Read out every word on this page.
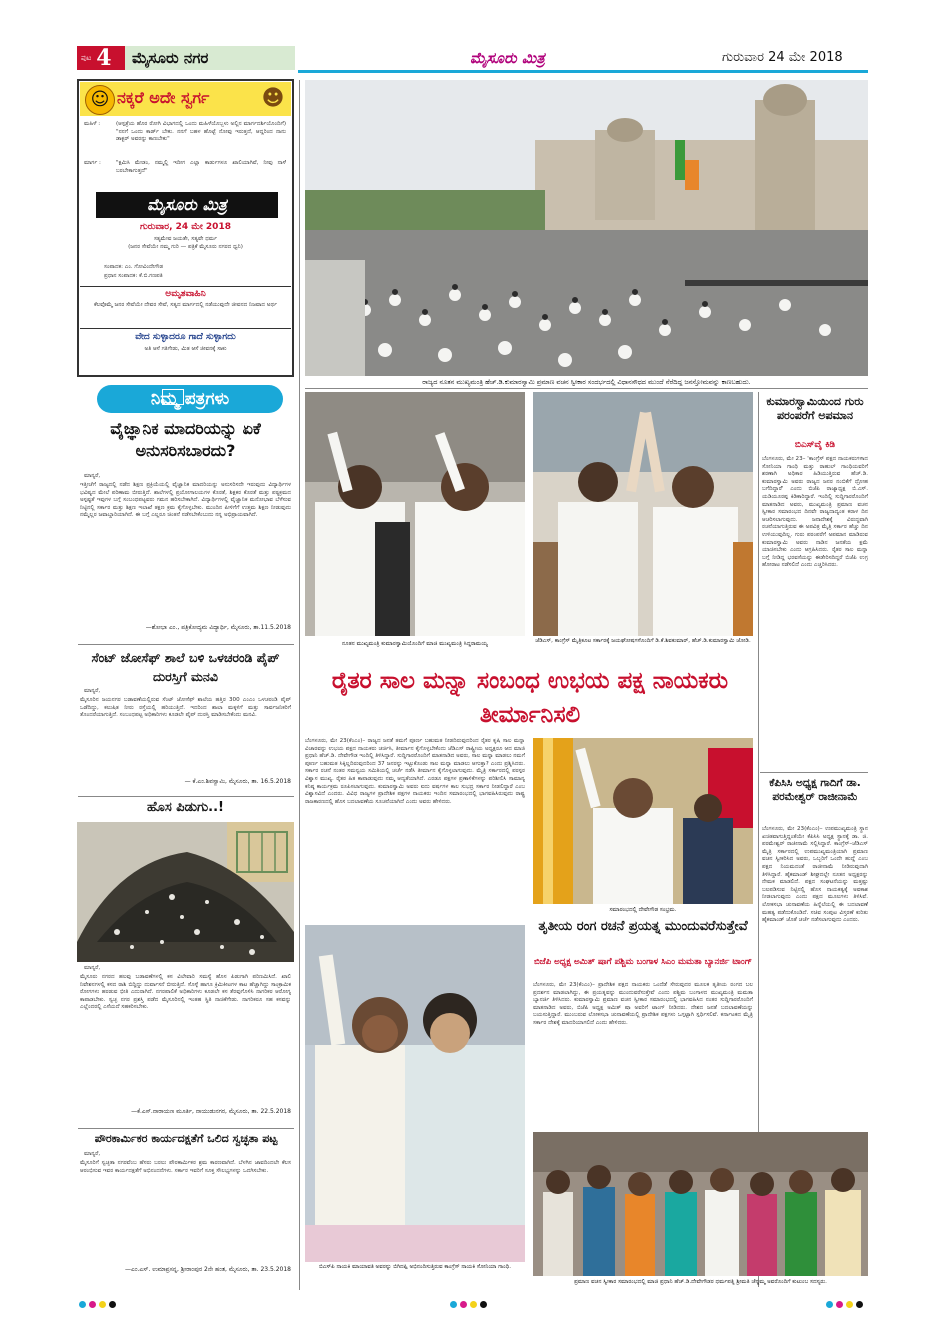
ಪುಟ 4 ಮೈಸೂರು ನಗರ	ಮೈಸೂರು ಮಿತ್ರ	ಗುರುವಾರ 24 ಮೇ 2018
☺ ನಕ್ಕರೆ ಅದೇ ಸ್ವರ್ಗ ☻
ಮಹಿಳೆ :	(ಆಸ್ಪತ್ರೆಯ ಹೊರ ರೋಗಿ ವಿಭಾಗದಲ್ಲಿ ಒಂದು ಮಹಿಳೆಯೊಬ್ಬಳು ಅಲ್ಲಿನ ಮಾರ್ಗದರ್ಶಿಯೊಂದಿಗೆ) "ನನಗೆ ಒಂದು ಕಾರ್ಡ್ ಬೇಕು. ನನಗೆ ಬಹಳ ಹೊಟ್ಟೆ ನೋವು ಇರುತ್ತದೆ, ಆದ್ದರಿಂದ ನಾನು ಡಾಕ್ಟರ್ ಅವರನ್ನು ಕಾಣಬೇಕು"
ಮಾರ್ಗ :	"ಕ್ಷಮಿಸಿ ಮೇಡಂ, ನಮ್ಮಲ್ಲಿ ಇದೀಗ ಎಲ್ಲಾ ಕಾರ್ಡುಗಳೂ ಖಾಲಿಯಾಗಿವೆ, ನೀವು ನಾಳೆ ಬರಬೇಕಾಗುತ್ತದೆ"
ಮೈಸೂರು ಮಿತ್ರ
ಗುರುವಾರ, 24 ಮೇ 2018
ಸತ್ಯಮೇವ ಜಯತೇ, ಸತ್ಯವೇ ಧರ್ಮ
(ಜನರ ಸೇವೆಯೇ ನಮ್ಮ ಗುರಿ — ಪತ್ರಿಕೆ ಮೈಸೂರು ನಗರದ ಧ್ವನಿ)
ಸಂಪಾದಕ: ಎಂ. ಗೋವಿಂದೇಗೌಡ
ಪ್ರಧಾನ ಸಂಪಾದಕ: ಕೆ.ಬಿ.ಗಣಪತಿ
ಅಮೃತವಾಹಿನಿ
ಕೆಲವೊಮ್ಮೆ ಜನರ ಸೇವೆಯೇ ದೇವರ ಸೇವೆ, ಸತ್ಯದ ಮಾರ್ಗದಲ್ಲಿ ನಡೆಯುವುದೇ ಜೀವನದ ನಿಜವಾದ ಅರ್ಥ
ವೇದ ಸುಳ್ಳಾದರೂ ಗಾದೆ ಸುಳ್ಳಾಗದು
ಅತಿ ಆಸೆ ಗತಿಗೇಡು, ಮಿತ ಆಸೆ ಜೀವನಕ್ಕೆ ಸಾಕು
ನಿಮ್ಮ ಪತ್ರಗಳು
ವೈಜ್ಞಾನಿಕ ಮಾದರಿಯನ್ನು ಏಕೆ ಅನುಸರಿಸಬಾರದು?
ಮಾನ್ಯರೆ,
ಇತ್ತೀಚೆಗೆ ರಾಜ್ಯದಲ್ಲಿ ನಡೆದ ಶಿಕ್ಷಣ ಪ್ರಕ್ರಿಯೆಯಲ್ಲಿ ವೈಜ್ಞಾನಿಕ ಮಾದರಿಯನ್ನು ಅನುಸರಿಸದೇ ಇರುವುದು ವಿದ್ಯಾರ್ಥಿಗಳ ಭವಿಷ್ಯದ ಮೇಲೆ ಪರಿಣಾಮ ಬೀರುತ್ತಿದೆ. ಶಾಲೆಗಳಲ್ಲಿ ಪ್ರಯೋಗಾಲಯಗಳ ಕೊರತೆ, ಶಿಕ್ಷಕರ ಕೊರತೆ ಮತ್ತು ಪಠ್ಯಕ್ರಮದ ಅಸ್ಪಷ್ಟತೆ ಇವುಗಳ ಬಗ್ಗೆ ಸಂಬಂಧಪಟ್ಟವರು ಗಮನ ಹರಿಸಬೇಕಾಗಿದೆ. ವಿದ್ಯಾರ್ಥಿಗಳಲ್ಲಿ ವೈಜ್ಞಾನಿಕ ಮನೋಭಾವ ಬೆಳೆಸುವ ನಿಟ್ಟಿನಲ್ಲಿ ಸರ್ಕಾರ ಮತ್ತು ಶಿಕ್ಷಣ ಇಲಾಖೆ ತಕ್ಷಣ ಕ್ರಮ ಕೈಗೊಳ್ಳಬೇಕು. ಮುಂದಿನ ಪೀಳಿಗೆಗೆ ಉತ್ತಮ ಶಿಕ್ಷಣ ನೀಡುವುದು ನಮ್ಮೆಲ್ಲರ ಜವಾಬ್ದಾರಿಯಾಗಿದೆ. ಈ ಬಗ್ಗೆ ಎಲ್ಲರೂ ಚಿಂತನೆ ನಡೆಸಬೇಕೆಂಬುದು ನನ್ನ ಅಭಿಪ್ರಾಯವಾಗಿದೆ.
—ಶೋಭಾ ಎಂ., ಪತ್ರಿಕೋದ್ಯಮ ವಿದ್ಯಾರ್ಥಿ, ಮೈಸೂರು, ತಾ.11.5.2018
ಸೆಂಟ್ ಜೋಸೆಫ್ ಶಾಲೆ ಬಳಿ ಒಳಚರಂಡಿ ಪೈಪ್ ದುರಸ್ತಿಗೆ ಮನವಿ
ಮಾನ್ಯರೆ,
ಮೈಸೂರಿನ ಜಯನಗರ ಬಡಾವಣೆಯಲ್ಲಿರುವ ಸೆಂಟ್ ಜೋಸೆಫ್ ಶಾಲೆಯ ಹತ್ತಿರ 300 ಎಂಎಂ ಒಳಚರಂಡಿ ಪೈಪ್ ಒಡೆದಿದ್ದು, ಕಲುಷಿತ ನೀರು ರಸ್ತೆಯಲ್ಲಿ ಹರಿಯುತ್ತಿದೆ. ಇದರಿಂದ ಶಾಲಾ ಮಕ್ಕಳಿಗೆ ಮತ್ತು ಸಾರ್ವಜನಿಕರಿಗೆ ತೊಂದರೆಯಾಗುತ್ತಿದೆ. ಸಂಬಂಧಪಟ್ಟ ಅಧಿಕಾರಿಗಳು ಕೂಡಲೇ ಪೈಪ್ ದುರಸ್ತಿ ಮಾಡಿಸಬೇಕೆಂದು ಮನವಿ.
— ಕೆ.ಎಂ.ಶಿವಸ್ವಾಮಿ, ಮೈಸೂರು, ತಾ. 16.5.2018
ಹೊಸ ಪಿಡುಗು..!
ಮಾನ್ಯರೆ,
ಮೈಸೂರು ನಗರದ ಹಲವು ಬಡಾವಣೆಗಳಲ್ಲಿ ಕಸ ವಿಲೇವಾರಿ ಸಮಸ್ಯೆ ಹೊಸ ಪಿಡುಗಾಗಿ ಪರಿಣಮಿಸಿದೆ. ಖಾಲಿ ನಿವೇಶನಗಳಲ್ಲಿ ಕಸದ ರಾಶಿ ಬಿದ್ದಿದ್ದು ದುರ್ವಾಸನೆ ಬೀರುತ್ತಿದೆ. ಸೊಳ್ಳೆ ಹಾಗೂ ಕ್ರಿಮಿಕೀಟಗಳ ಕಾಟ ಹೆಚ್ಚಾಗಿದ್ದು ಸಾಂಕ್ರಾಮಿಕ ರೋಗಗಳು ಹರಡುವ ಭೀತಿ ಎದುರಾಗಿದೆ. ನಗರಪಾಲಿಕೆ ಅಧಿಕಾರಿಗಳು ಕೂಡಲೇ ಕಸ ತೆರವುಗೊಳಿಸಿ ನಾಗರಿಕರ ಆರೋಗ್ಯ ಕಾಪಾಡಬೇಕು. ಸ್ವಚ್ಛ ನಗರ ಪ್ರಶಸ್ತಿ ಪಡೆದ ಮೈಸೂರಿನಲ್ಲಿ ಇಂತಹ ಸ್ಥಿತಿ ನಾಚಿಕೆಗೇಡು. ನಾಗರಿಕರೂ ಸಹ ಕಸವನ್ನು ಎಲ್ಲೆಂದರಲ್ಲಿ ಎಸೆಯದೆ ಸಹಕರಿಸಬೇಕು.
—ಕೆ.ಎಸ್.ನಾರಾಯಣ ಮೂರ್ತಿ, ನಾಯುಡುನಗರ, ಮೈಸೂರು, ತಾ. 22.5.2018
ಪೌರಕಾರ್ಮಿಕರ ಕಾರ್ಯದಕ್ಷತೆಗೆ ಒಲಿದ ಸ್ವಚ್ಛತಾ ಪಟ್ಟ
ಮಾನ್ಯರೆ,
ಮೈಸೂರಿಗೆ ಸ್ವಚ್ಛತಾ ನಗರವೆಂಬ ಹೆಸರು ಬರಲು ಪೌರಕಾರ್ಮಿಕರ ಶ್ರಮ ಕಾರಣವಾಗಿದೆ. ಬೆಳಗಿನ ಜಾವದಿಂದಲೇ ಕೆಲಸ ಆರಂಭಿಸುವ ಇವರ ಕಾರ್ಯದಕ್ಷತೆಗೆ ಅಭಿನಂದನೆಗಳು. ಸರ್ಕಾರ ಇವರಿಗೆ ಸೂಕ್ತ ಸೌಲಭ್ಯಗಳನ್ನು ಒದಗಿಸಬೇಕು.
—ಎಂ.ಎಸ್. ಉಮಾಪ್ರಸನ್ನ, ಶ್ರೀರಾಂಪುರ 2ನೇ ಹಂತ, ಮೈಸೂರು, ತಾ. 23.5.2018
ರಾಜ್ಯದ ನೂತನ ಮುಖ್ಯಮಂತ್ರಿ ಹೆಚ್.ಡಿ.ಕುಮಾರಸ್ವಾಮಿ ಪ್ರಮಾಣ ವಚನ ಸ್ವೀಕಾರ ಸಂದರ್ಭದಲ್ಲಿ ವಿಧಾನಸೌಧದ ಮುಂದೆ ನೆರೆದಿದ್ದ ಜನಸ್ತೋಮವನ್ನು ಕಾಣಬಹುದು.
ನೂತನ ಮುಖ್ಯಮಂತ್ರಿ ಕುಮಾರಸ್ವಾಮಿಯೊಂದಿಗೆ ಮಾಜಿ ಮುಖ್ಯಮಂತ್ರಿ ಸಿದ್ದರಾಮಯ್ಯ	ಜೆಡಿಎಸ್, ಕಾಂಗ್ರೆಸ್ ಮೈತ್ರಿಕೂಟ ಸರ್ಕಾರಕ್ಕೆ ಜಯಘೋಷಗಳೊಂದಿಗೆ ಡಿ.ಕೆ.ಶಿವಕುಮಾರ್, ಹೆಚ್.ಡಿ.ಕುಮಾರಸ್ವಾಮಿ ಜೋಡಿ.
ಕುಮಾರಸ್ವಾಮಿಯಿಂದ ಗುರು ಪರಂಪರೆಗೆ ಅಪಮಾನ
ಬಿಎಸ್‌ವೈ ಕಿಡಿ
ಬೆಂಗಳೂರು, ಮೇ 23– 'ಕಾಂಗ್ರೆಸ್ ಪಕ್ಷದ ನಾಯಕರುಗಳಾದ ಸೋನಿಯಾ ಗಾಂಧಿ ಮತ್ತು ರಾಹುಲ್ ಗಾಂಧಿಯವರಿಗೆ ಶರಣಾಗಿ ಅಧಿಕಾರ ಹಿಡಿಯುತ್ತಿರುವ ಹೆಚ್.ಡಿ. ಕುಮಾರಸ್ವಾಮಿ ಅವರು ರಾಜ್ಯದ ಜನರ ನಂಬಿಕೆಗೆ ದ್ರೋಹ ಬಗೆದಿದ್ದಾರೆ' ಎಂದು ಬಿಜೆಪಿ ರಾಜ್ಯಾಧ್ಯಕ್ಷ ಬಿ.ಎಸ್. ಯಡಿಯೂರಪ್ಪ ಕಿಡಿಕಾರಿದ್ದಾರೆ. ಇಂದಿಲ್ಲಿ ಸುದ್ದಿಗಾರರೊಂದಿಗೆ ಮಾತನಾಡಿದ ಅವರು, ಮುಖ್ಯಮಂತ್ರಿ ಪ್ರಮಾಣ ವಚನ ಸ್ವೀಕಾರ ಸಮಾರಂಭದ ದಿನವೇ ರಾಜ್ಯದಾದ್ಯಂತ ಕರಾಳ ದಿನ ಆಚರಿಸಲಾಗುವುದು. ಜನಾದೇಶಕ್ಕೆ ವಿರುದ್ಧವಾಗಿ ರಚನೆಯಾಗುತ್ತಿರುವ ಈ ಅಪವಿತ್ರ ಮೈತ್ರಿ ಸರ್ಕಾರ ಹೆಚ್ಚು ದಿನ ಉಳಿಯುವುದಿಲ್ಲ. ಗುರು ಪರಂಪರೆಗೆ ಅಪಮಾನ ಮಾಡಿರುವ ಕುಮಾರಸ್ವಾಮಿ ಅವರು ನಾಡಿನ ಜನತೆಯ ಕ್ಷಮೆ ಯಾಚಿಸಬೇಕು ಎಂದು ಆಗ್ರಹಿಸಿದರು. ರೈತರ ಸಾಲ ಮನ್ನಾ ಬಗ್ಗೆ ನೀಡಿದ್ದ ಭರವಸೆಯನ್ನು ಈಡೇರಿಸದಿದ್ದರೆ ಬಿಜೆಪಿ ಉಗ್ರ ಹೋರಾಟ ನಡೆಸಲಿದೆ ಎಂದು ಎಚ್ಚರಿಸಿದರು.
ಕೆಪಿಸಿಸಿ ಅಧ್ಯಕ್ಷ ಗಾದಿಗೆ ಡಾ. ಪರಮೇಶ್ವರ್ ರಾಜೀನಾಮೆ
ಬೆಂಗಳೂರು, ಮೇ 23(ಕೆಂಎಂ)– ಉಪಮುಖ್ಯಮಂತ್ರಿ ಸ್ಥಾನ ಖಚಿತವಾಗುತ್ತಿದ್ದಂತೆಯೇ ಕೆಪಿಸಿಸಿ ಅಧ್ಯಕ್ಷ ಸ್ಥಾನಕ್ಕೆ ಡಾ. ಜಿ. ಪರಮೇಶ್ವರ್ ರಾಜೀನಾಮೆ ಸಲ್ಲಿಸಿದ್ದಾರೆ. ಕಾಂಗ್ರೆಸ್–ಜೆಡಿಎಸ್ ಮೈತ್ರಿ ಸರ್ಕಾರದಲ್ಲಿ ಉಪಮುಖ್ಯಮಂತ್ರಿಯಾಗಿ ಪ್ರಮಾಣ ವಚನ ಸ್ವೀಕರಿಸಿದ ಅವರು, ಒಬ್ಬರಿಗೆ ಒಂದೇ ಹುದ್ದೆ ಎಂಬ ಪಕ್ಷದ ನಿಯಮದಂತೆ ರಾಜೀನಾಮೆ ನೀಡಿರುವುದಾಗಿ ತಿಳಿಸಿದ್ದಾರೆ. ಹೈಕಮಾಂಡ್ ಶೀಘ್ರದಲ್ಲೇ ನೂತನ ಅಧ್ಯಕ್ಷರನ್ನು ನೇಮಕ ಮಾಡಲಿದೆ. ಪಕ್ಷದ ಸಂಘಟನೆಯನ್ನು ಮತ್ತಷ್ಟು ಬಲಪಡಿಸುವ ನಿಟ್ಟಿನಲ್ಲಿ ಹೊಸ ನಾಯಕತ್ವಕ್ಕೆ ಅವಕಾಶ ನೀಡಲಾಗುವುದು ಎಂದು ಪಕ್ಷದ ಮೂಲಗಳು ತಿಳಿಸಿವೆ. ಲೋಕಸಭಾ ಚುನಾವಣೆಯ ಹಿನ್ನೆಲೆಯಲ್ಲಿ ಈ ಬದಲಾವಣೆ ಮಹತ್ವ ಪಡೆದುಕೊಂಡಿದೆ. ಸಚಿವ ಸಂಪುಟ ವಿಸ್ತರಣೆ ಕುರಿತು ಹೈಕಮಾಂಡ್ ಜೊತೆ ಚರ್ಚೆ ನಡೆಸಲಾಗುವುದು ಎಂದರು.
ರೈತರ ಸಾಲ ಮನ್ನಾ ಸಂಬಂಧ ಉಭಯ ಪಕ್ಷ ನಾಯಕರು ತೀರ್ಮಾನಿಸಲಿ
ಬೆಂಗಳೂರು, ಮೇ 23(ಕೆಂಎಂ)– ರಾಜ್ಯದ ಜನತೆ ತಮಗೆ ಪೂರ್ಣ ಬಹುಮತ ನೀಡದಿರುವುದರಿಂದ ರೈತರ ಕೃಷಿ ಸಾಲ ಮನ್ನಾ ವಿಚಾರವನ್ನು ಉಭಯ ಪಕ್ಷದ ನಾಯಕರು ಚರ್ಚಿಸಿ, ತೀರ್ಮಾನ ಕೈಗೊಳ್ಳಬೇಕೆಂದು ಜೆಡಿಎಸ್ ರಾಷ್ಟ್ರೀಯ ಅಧ್ಯಕ್ಷರೂ ಆದ ಮಾಜಿ ಪ್ರಧಾನಿ ಹೆಚ್.ಡಿ. ದೇವೇಗೌಡ ಇಂದಿಲ್ಲಿ ತಿಳಿಸಿದ್ದಾರೆ. ಸುದ್ದಿಗಾರರೊಂದಿಗೆ ಮಾತನಾಡಿದ ಅವರು, ಸಾಲ ಮನ್ನಾ ಮಾಡಲು ನಮಗೆ ಪೂರ್ಣ ಬಹುಮತ ಸಿಕ್ಕಿಲ್ಲದಿರುವುದರಿಂದ 37 ಜನರನ್ನು ಇಟ್ಟುಕೊಂಡು ಸಾಲ ಮನ್ನಾ ಮಾಡಲು ಆಗುತ್ತಾ? ಎಂದು ಪ್ರಶ್ನಿಸಿದರು. ಸರ್ಕಾರ ರಚನೆ ನಂತರ ಸಮನ್ವಯ ಸಮಿತಿಯಲ್ಲಿ ಚರ್ಚೆ ನಡೆಸಿ ತೀರ್ಮಾನ ಕೈಗೊಳ್ಳಲಾಗುವುದು. ಮೈತ್ರಿ ಸರ್ಕಾರದಲ್ಲಿ ಪರಸ್ಪರ ವಿಶ್ವಾಸ ಮುಖ್ಯ. ರೈತರ ಹಿತ ಕಾಪಾಡುವುದು ನಮ್ಮ ಆದ್ಯತೆಯಾಗಿದೆ. ಎರಡೂ ಪಕ್ಷಗಳ ಪ್ರಣಾಳಿಕೆಗಳನ್ನು ಪರಿಶೀಲಿಸಿ ಸಾಮಾನ್ಯ ಕನಿಷ್ಠ ಕಾರ್ಯಕ್ರಮ ರೂಪಿಸಲಾಗುವುದು. ಕುಮಾರಸ್ವಾಮಿ ಅವರು ಐದು ವರ್ಷಗಳ ಕಾಲ ಸುಭದ್ರ ಸರ್ಕಾರ ನೀಡಲಿದ್ದಾರೆ ಎಂಬ ವಿಶ್ವಾಸವಿದೆ ಎಂದರು. ವಿವಿಧ ರಾಜ್ಯಗಳ ಪ್ರಾದೇಶಿಕ ಪಕ್ಷಗಳ ನಾಯಕರು ಇಂದಿನ ಸಮಾರಂಭದಲ್ಲಿ ಭಾಗವಹಿಸಿರುವುದು ರಾಷ್ಟ್ರ ರಾಜಕಾರಣದಲ್ಲಿ ಹೊಸ ಬದಲಾವಣೆಯ ಸೂಚನೆಯಾಗಿದೆ ಎಂದು ಅವರು ಹೇಳಿದರು.
ಸಮಾರಂಭದಲ್ಲಿ ದೇವೇಗೌಡ ಸಂಭ್ರಮ.
ತೃತೀಯ ರಂಗ ರಚನೆ ಪ್ರಯತ್ನ ಮುಂದುವರೆಸುತ್ತೇವೆ
ಬಿಜೆಪಿ ಅಧ್ಯಕ್ಷ ಅಮಿತ್ ಷಾಗೆ ಪಶ್ಚಿಮ ಬಂಗಾಳ ಸಿಎಂ ಮಮತಾ ಬ್ಯಾನರ್ಜಿ ಟಾಂಗ್
ಬೆಂಗಳೂರು, ಮೇ 23(ಕೆಂಎಂ)– ಪ್ರಾದೇಶಿಕ ಪಕ್ಷದ ನಾಯಕರು ಒಂದೆಡೆ ಸೇರುವುದರ ಮೂಲಕ ತೃತೀಯ ರಂಗದ ಬಲ ಪ್ರದರ್ಶನ ಮಾಡಲಾಗಿದ್ದು, ಈ ಪ್ರಯತ್ನವನ್ನು ಮುಂದುವರೆಸುತ್ತೇವೆ ಎಂದು ಪಶ್ಚಿಮ ಬಂಗಾಳದ ಮುಖ್ಯಮಂತ್ರಿ ಮಮತಾ ಬ್ಯಾನರ್ಜಿ ತಿಳಿಸಿದರು. ಕುಮಾರಸ್ವಾಮಿ ಪ್ರಮಾಣ ವಚನ ಸ್ವೀಕಾರ ಸಮಾರಂಭದಲ್ಲಿ ಭಾಗವಹಿಸಿದ ನಂತರ ಸುದ್ದಿಗಾರರೊಂದಿಗೆ ಮಾತನಾಡಿದ ಅವರು, ಬಿಜೆಪಿ ಅಧ್ಯಕ್ಷ ಅಮಿತ್ ಷಾ ಅವರಿಗೆ ಟಾಂಗ್ ನೀಡಿದರು. ದೇಶದ ಜನತೆ ಬದಲಾವಣೆಯನ್ನು ಬಯಸುತ್ತಿದ್ದಾರೆ. ಮುಂಬರುವ ಲೋಕಸಭಾ ಚುನಾವಣೆಯಲ್ಲಿ ಪ್ರಾದೇಶಿಕ ಪಕ್ಷಗಳು ಒಗ್ಗಟ್ಟಾಗಿ ಸ್ಪರ್ಧಿಸಲಿವೆ. ಕರ್ನಾಟಕದ ಮೈತ್ರಿ ಸರ್ಕಾರ ದೇಶಕ್ಕೆ ಮಾದರಿಯಾಗಲಿದೆ ಎಂದು ಹೇಳಿದರು.
ಬಿಎಸ್‌ಪಿ ನಾಯಕಿ ಮಾಯಾವತಿ ಅವರನ್ನು ಬಿಗಿದಪ್ಪಿ ಅಭಿನಂದಿಸುತ್ತಿರುವ ಕಾಂಗ್ರೆಸ್ ನಾಯಕಿ ಸೋನಿಯಾ ಗಾಂಧಿ.
ಪ್ರಮಾಣ ವಚನ ಸ್ವೀಕಾರ ಸಮಾರಂಭದಲ್ಲಿ ಮಾಜಿ ಪ್ರಧಾನಿ ಹೆಚ್.ಡಿ.ದೇವೇಗೌಡರ ಧರ್ಮಪತ್ನಿ ಶ್ರೀಮತಿ ಚೆನ್ನಮ್ಮ ಅವರೊಂದಿಗೆ ಕುಟುಂಬ ಸದಸ್ಯರು.
